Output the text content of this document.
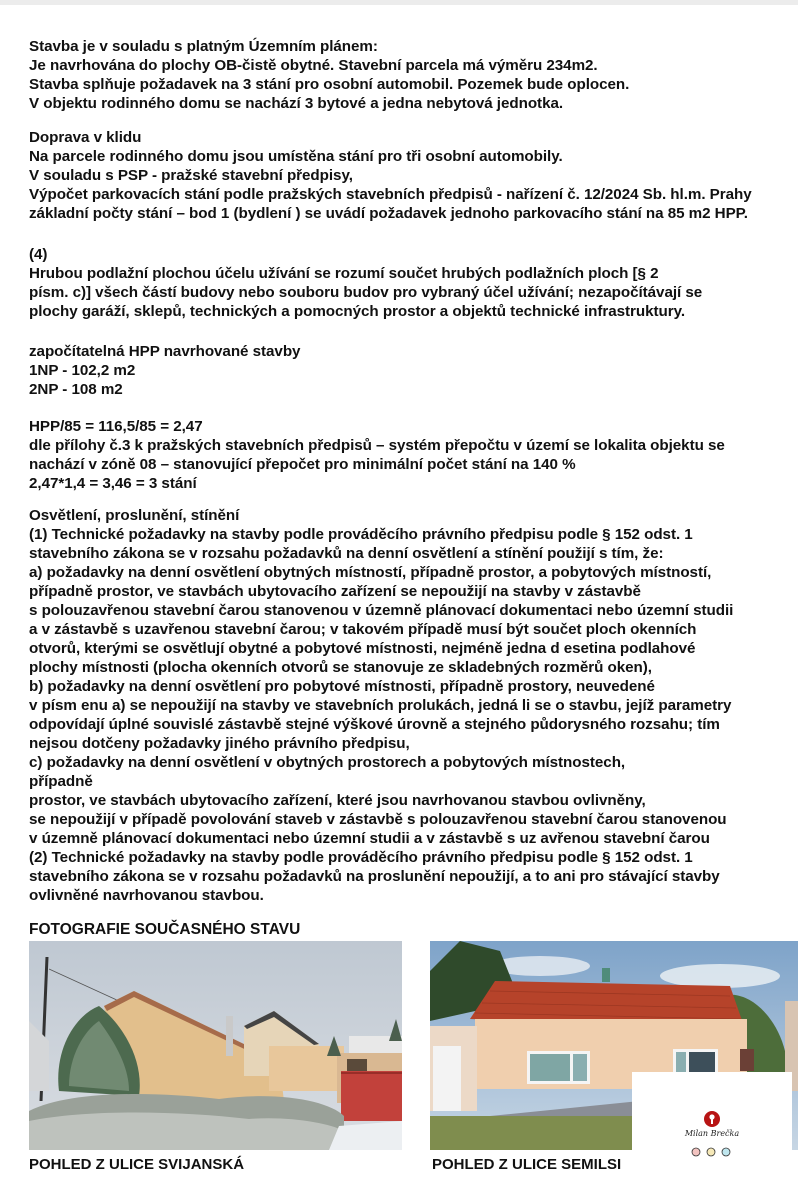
Stavba je v souladu s platným Územním plánem:
Je navrhována do plochy OB-čistě obytné. Stavební parcela má výměru 234m2.
Stavba splňuje požadavek na 3 stání pro osobní automobil. Pozemek bude oplocen.
V objektu rodinného domu se nachází 3 bytové a jedna nebytová jednotka.
Doprava v klidu
Na parcele rodinného domu jsou umístěna stání pro tři osobní automobily.
V souladu s PSP - pražské stavební předpisy,
Výpočet parkovacích stání podle pražských stavebních předpisů - nařízení č. 12/2024 Sb. hl.m. Prahy
základní počty stání – bod 1 (bydlení ) se uvádí požadavek jednoho parkovacího stání na 85 m2 HPP.
(4)
Hrubou podlažní plochou účelu užívání se rozumí součet hrubých podlažních ploch [§ 2
písm. c)] všech částí budovy nebo souboru budov pro vybraný účel užívání; nezapočítávají se
plochy garáží, sklepů, technických a pomocných prostor a objektů technické infrastruktury.
započítatelná HPP navrhované stavby
1NP - 102,2 m2
2NP - 108 m2
HPP/85 = 116,5/85 = 2,47
dle přílohy č.3 k pražských stavebních předpisů – systém přepočtu v území se lokalita objektu se
nachází v zóně 08 – stanovující přepočet pro minimální počet stání na 140 %
2,47*1,4 = 3,46 = 3 stání
Osvětlení, proslunění, stínění
(1) Technické požadavky na stavby podle prováděcího právního předpisu podle § 152 odst. 1
stavebního zákona se v rozsahu požadavků na denní osvětlení a stínění použijí s tím, že:
a) požadavky na denní osvětlení obytných místností, případně prostor, a pobytových místností,
případně prostor, ve stavbách ubytovacího zařízení se nepoužijí na stavby v zástavbě
s polouzavřenou stavební čarou stanovenou v územně plánovací dokumentaci nebo územní studii
a v zástavbě s uzavřenou stavební čarou; v takovém případě musí být součet ploch okenních
otvorů, kterými se osvětlují obytné a pobytové místnosti, nejméně jedna d esetina podlahové
plochy místnosti (plocha okenních otvorů se stanovuje ze skladebných rozměrů oken),
b) požadavky na denní osvětlení pro pobytové místnosti, případně prostory, neuvedené
v písm enu a) se nepoužijí na stavby ve stavebních prolukách, jedná li se o stavbu, jejíž parametry
odpovídají úplné souvislé zástavbě stejné výškové úrovně a stejného půdorysného rozsahu; tím
nejsou dotčeny požadavky jiného právního předpisu,
c) požadavky na denní osvětlení v obytných prostorech a pobytových místnostech,
případně
prostor, ve stavbách ubytovacího zařízení, které jsou navrhovanou stavbou ovlivněny,
se nepoužijí v případě povolování staveb v zástavbě s polouzavřenou stavební čarou stanovenou
v územně plánovací dokumentaci nebo územní studii a v zástavbě s uz avřenou stavební čarou
(2) Technické požadavky na stavby podle prováděcího právního předpisu podle § 152 odst. 1
stavebního zákona se v rozsahu požadavků na proslunění nepoužijí, a to ani pro stávající stavby
ovlivněné navrhovanou stavbou.
FOTOGRAFIE SOUČASNÉHO STAVU
POHLED Z ULICE SVIJANSKÁ	POHLED Z ULICE SEMILSI
Milan Brečka
